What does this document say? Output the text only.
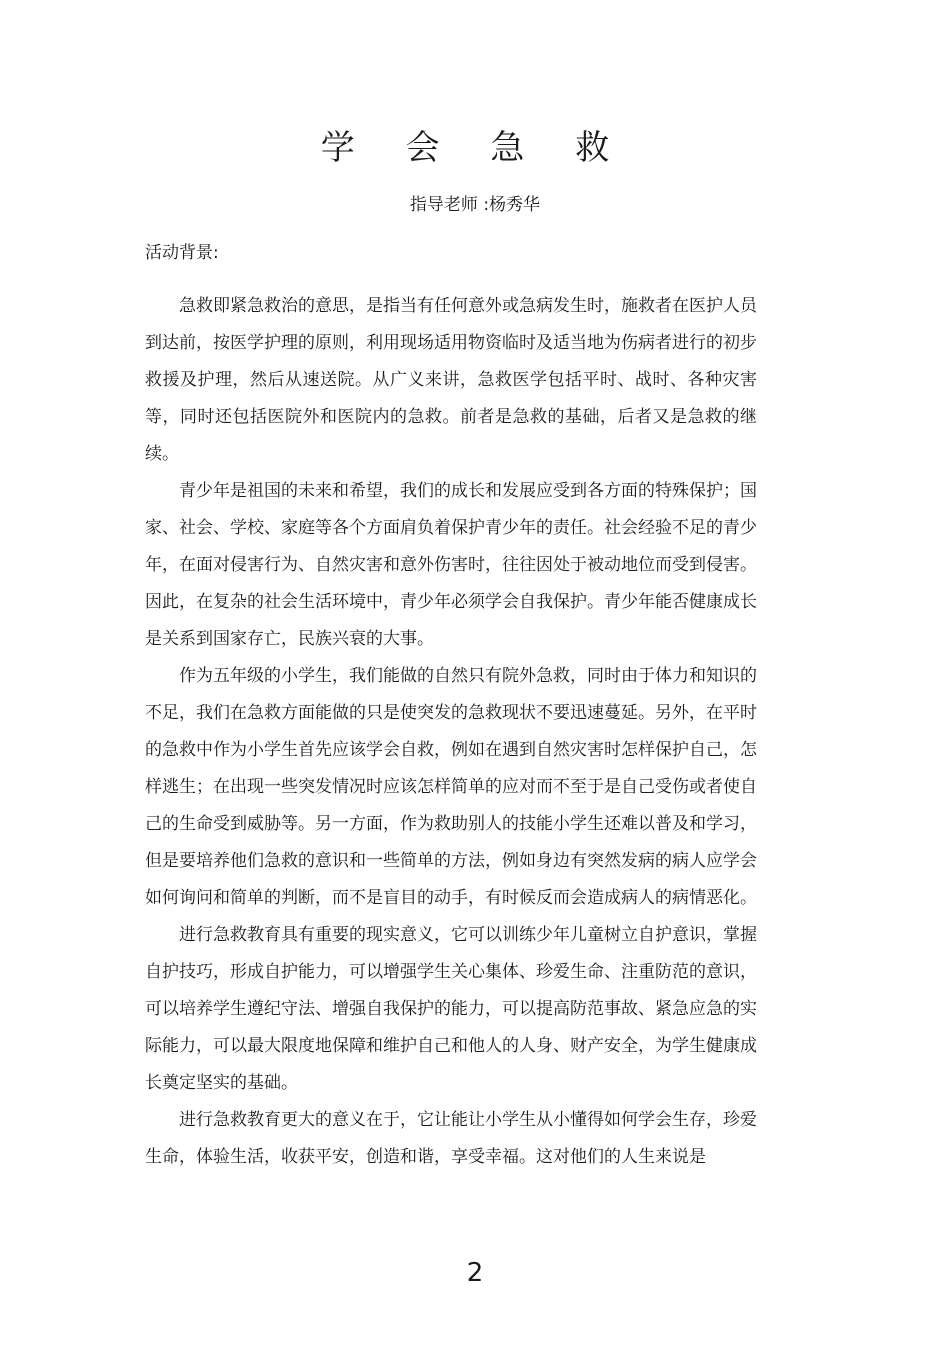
学 会 急 救
指导老师 :杨秀华
活动背景:

急救即紧急救治的意思，是指当有任何意外或急病发生时，施救者在医护人员到达前，按医学护理的原则，利用现场适用物资临时及适当地为伤病者进行的初步救援及护理，然后从速送院。从广义来讲，急救医学包括平时、战时、各种灾害等，同时还包括医院外和医院内的急救。前者是急救的基础，后者又是急救的继续。

青少年是祖国的未来和希望，我们的成长和发展应受到各方面的特殊保护；国家、社会、学校、家庭等各个方面肩负着保护青少年的责任。社会经验不足的青少年，在面对侵害行为、自然灾害和意外伤害时，往往因处于被动地位而受到侵害。因此，在复杂的社会生活环境中，青少年必须学会自我保护。青少年能否健康成长是关系到国家存亡，民族兴衰的大事。

作为五年级的小学生，我们能做的自然只有院外急救，同时由于体力和知识的不足，我们在急救方面能做的只是使突发的急救现状不要迅速蔓延。另外，在平时的急救中作为小学生首先应该学会自救，例如在遇到自然灾害时怎样保护自己，怎样逃生；在出现一些突发情况时应该怎样简单的应对而不至于是自己受伤或者使自己的生命受到威胁等。另一方面，作为救助别人的技能小学生还难以普及和学习，但是要培养他们急救的意识和一些简单的方法，例如身边有突然发病的病人应学会如何询问和简单的判断，而不是盲目的动手，有时候反而会造成病人的病情恶化。

进行急救教育具有重要的现实意义，它可以训练少年儿童树立自护意识，掌握自护技巧，形成自护能力，可以增强学生关心集体、珍爱生命、注重防范的意识，可以培养学生遵纪守法、增强自我保护的能力，可以提高防范事故、紧急应急的实际能力，可以最大限度地保障和维护自己和他人的人身、财产安全，为学生健康成长奠定坚实的基础。

进行急救教育更大的意义在于，它让能让小学生从小懂得如何学会生存，珍爱生命，体验生活，收获平安，创造和谐，享受幸福。这对他们的人生来说是

2
